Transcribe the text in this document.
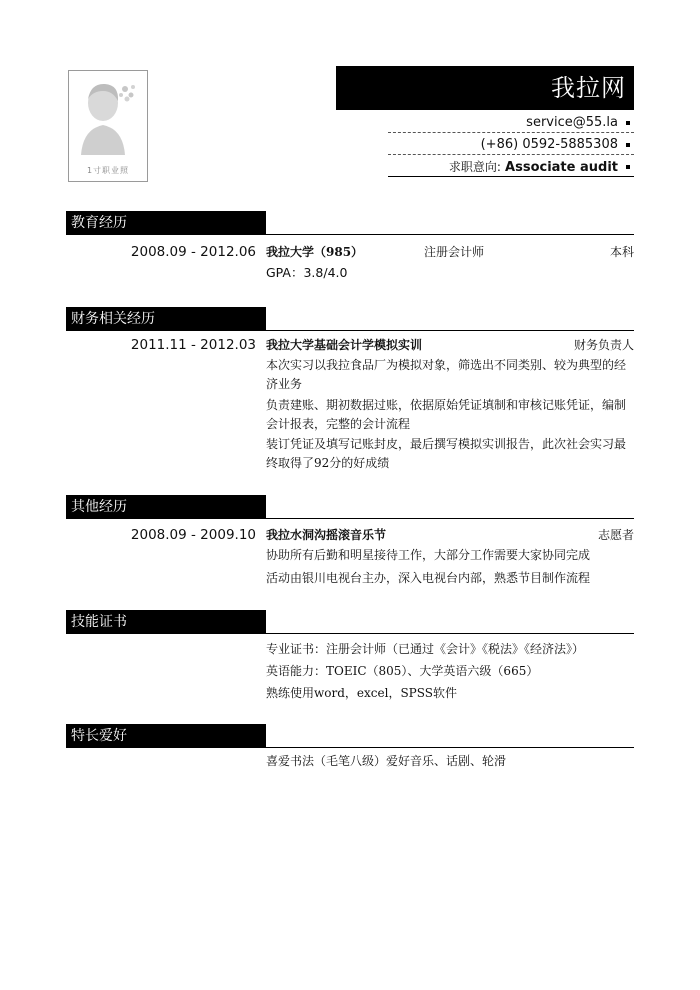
1寸职业照
我拉网
service@55.la
(+86) 0592-5885308
求职意向: Associate audit
教育经历
2008.09 - 2012.06 我拉大学（985）	注册会计师	本科
GPA：3.8/4.0
财务相关经历
2011.11 - 2012.03 我拉大学基础会计学模拟实训	财务负责人
本次实习以我拉食品厂为模拟对象，筛选出不同类别、较为典型的经济业务
负责建账、期初数据过账，依据原始凭证填制和审核记账凭证，编制会计报表，完整的会计流程
装订凭证及填写记账封皮，最后撰写模拟实训报告，此次社会实习最终取得了92分的好成绩
其他经历
2008.09 - 2009.10 我拉水洞沟摇滚音乐节	志愿者
协助所有后勤和明星接待工作，大部分工作需要大家协同完成
活动由银川电视台主办，深入电视台内部，熟悉节目制作流程
技能证书
专业证书：注册会计师（已通过《会计》《税法》《经济法》）
英语能力：TOEIC（805）、大学英语六级（665）
熟练使用word，excel，SPSS软件
特长爱好
喜爱书法（毛笔八级）爱好音乐、话剧、轮滑
